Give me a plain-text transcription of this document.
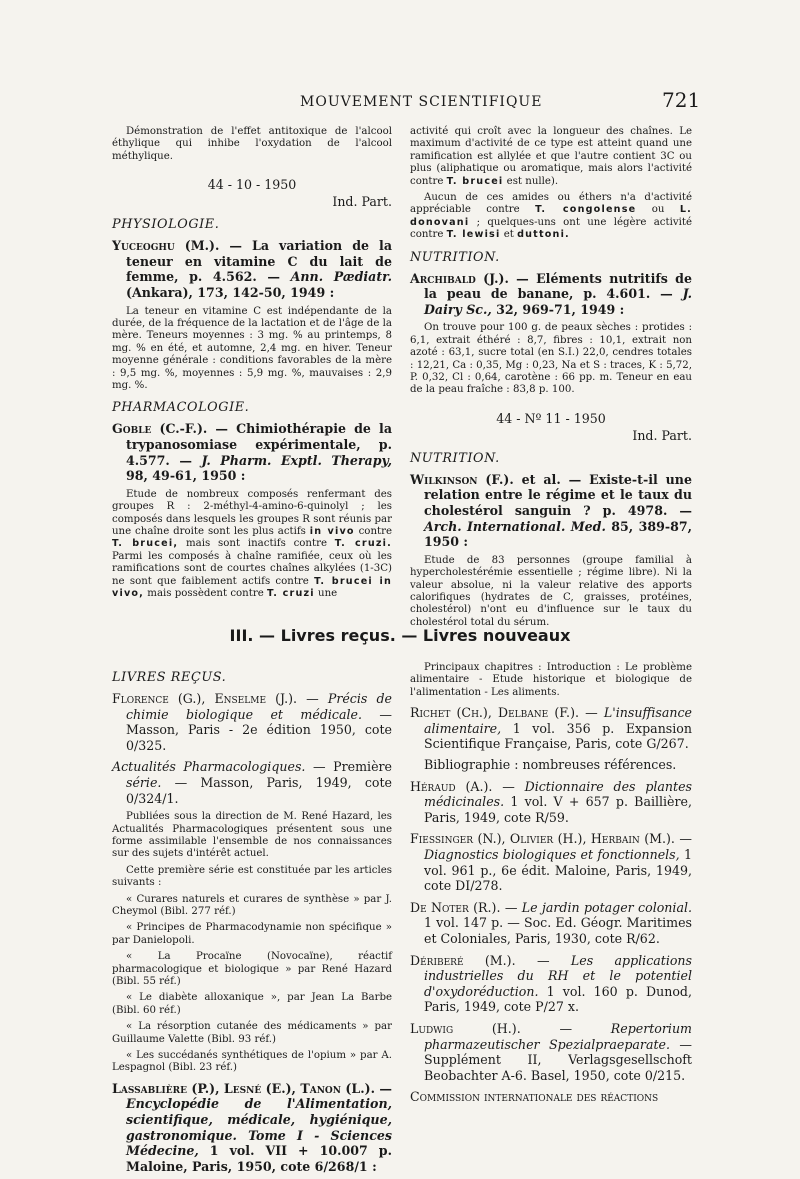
MOUVEMENT SCIENTIFIQUE	721

Démonstration de l'effet antitoxique de l'alcool éthylique qui inhibe l'oxydation de l'alcool méthylique.

44 - 10 - 1950

Ind. Part.

PHYSIOLOGIE.

Yuceoghu (M.). — La variation de la teneur en vitamine C du lait de femme, p. 4.562. — Ann. Pædiatr. (Ankara), 173, 142-50, 1949 :

La teneur en vitamine C est indépendante de la durée, de la fréquence de la lactation et de l'âge de la mère. Teneurs moyennes : 3 mg. % au printemps, 8 mg. % en été, et automne, 2,4 mg. en hiver. Teneur moyenne générale : conditions favorables de la mère : 9,5 mg. %, moyennes : 5,9 mg. %, mauvaises : 2,9 mg. %.

PHARMACOLOGIE.

Goble (C.-F.). — Chimiothérapie de la trypanosomiase expérimentale, p. 4.577. — J. Pharm. Exptl. Therapy, 98, 49-61, 1950 :

Etude de nombreux composés renfermant des groupes R : 2-méthyl-4-amino-6-quinolyl ; les composés dans lesquels les groupes R sont réunis par une chaîne droite sont les plus actifs in vivo contre T. brucei, mais sont inactifs contre T. cruzi. Parmi les composés à chaîne ramifiée, ceux où les ramifications sont de courtes chaînes alkylées (1-3C) ne sont que faiblement actifs contre T. brucei in vivo, mais possèdent contre T. cruzi une

activité qui croît avec la longueur des chaînes. Le maximum d'activité de ce type est atteint quand une ramification est allylée et que l'autre contient 3C ou plus (aliphatique ou aromatique, mais alors l'activité contre T. brucei est nulle).

Aucun de ces amides ou éthers n'a d'activité appréciable contre T. congolense ou L. donovani ; quelques-uns ont une légère activité contre T. lewisi et duttoni.

NUTRITION.

Archibald (J.). — Eléments nutritifs de la peau de banane, p. 4.601. — J. Dairy Sc., 32, 969-71, 1949 :

On trouve pour 100 g. de peaux sèches : protides : 6,1, extrait éthéré : 8,7, fibres : 10,1, extrait non azoté : 63,1, sucre total (en S.I.) 22,0, cendres totales : 12,21, Ca : 0,35, Mg : 0,23, Na et S : traces, K : 5,72, P. 0,32, Cl : 0,64, carotène : 66 pp. m. Teneur en eau de la peau fraîche : 83,8 p. 100.

44 - Nº 11 - 1950

Ind. Part.

NUTRITION.

Wilkinson (F.). et al. — Existe-t-il une relation entre le régime et le taux du cholestérol sanguin ? p. 4978. — Arch. International. Med. 85, 389-87, 1950 :

Etude de 83 personnes (groupe familial à hypercholestérémie essentielle ; régime libre). Ni la valeur absolue, ni la valeur relative des apports calorifiques (hydrates de C, graisses, protéines, cholestérol) n'ont eu d'influence sur le taux du cholestérol total du sérum.

III. — Livres reçus. — Livres nouveaux

LIVRES REÇUS.

Florence (G.), Enselme (J.). — Précis de chimie biologique et médicale. — Masson, Paris - 2e édition 1950, cote 0/325.

Actualités Pharmacologiques. — Première série. — Masson, Paris, 1949, cote 0/324/1.

Publiées sous la direction de M. René Hazard, les Actualités Pharmacologiques présentent sous une forme assimilable l'ensemble de nos connaissances sur des sujets d'intérêt actuel.

Cette première série est constituée par les articles suivants :

« Curares naturels et curares de synthèse » par J. Cheymol (Bibl. 277 réf.)

« Principes de Pharmacodynamie non spécifique » par Danielopoli.

« La Procaïne (Novocaïne), réactif pharmacologique et biologique » par René Hazard (Bibl. 55 réf.)

« Le diabète alloxanique », par Jean La Barbe (Bibl. 60 réf.)

« La résorption cutanée des médicaments » par Guillaume Valette (Bibl. 93 réf.)

« Les succédanés synthétiques de l'opium » par A. Lespagnol (Bibl. 23 réf.)

Lassablière (P.), Lesné (E.), Tanon (L.). — Encyclopédie de l'Alimentation, scientifique, médicale, hygiénique, gastronomique. Tome I - Sciences Médecine, 1 vol. VII + 10.007 p. Maloine, Paris, 1950, cote 6/268/1 :

Principaux chapitres : Introduction : Le problème alimentaire - Etude historique et biologique de l'alimentation - Les aliments.

Richet (Ch.), Delbane (F.). — L'insuffisance alimentaire, 1 vol. 356 p. Expansion Scientifique Française, Paris, cote G/267.

Bibliographie : nombreuses références.

Héraud (A.). — Dictionnaire des plantes médicinales. 1 vol. V + 657 p. Baillière, Paris, 1949, cote R/59.

Fiessinger (N.), Olivier (H.), Herbain (M.). — Diagnostics biologiques et fonctionnels, 1 vol. 961 p., 6e édit. Maloine, Paris, 1949, cote DI/278.

De Noter (R.). — Le jardin potager colonial. 1 vol. 147 p. — Soc. Ed. Géogr. Maritimes et Coloniales, Paris, 1930, cote R/62.

Dériberé (M.). — Les applications industrielles du RH et le potentiel d'oxydoréduction. 1 vol. 160 p. Dunod, Paris, 1949, cote P/27 x.

Ludwig (H.). — Repertorium pharmazeutischer Spezialpraeparate. — Supplément II, Verlagsgesellschoft Beobachter A-6. Basel, 1950, cote 0/215.

Commission internationale des réactions
